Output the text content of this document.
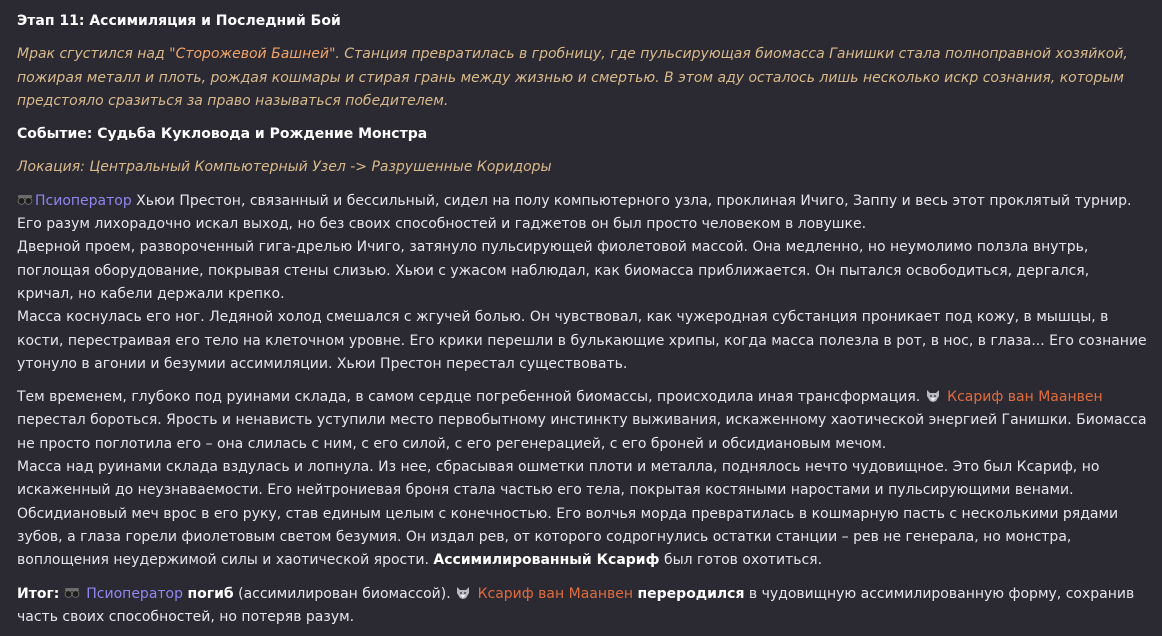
Этап 11: Ассимиляция и Последний Бой

Мрак сгустился над "Сторожевой Башней". Станция превратилась в гробницу, где пульсирующая биомасса Ганишки стала полноправной хозяйкой, пожирая металл и плоть, рождая кошмары и стирая грань между жизнью и смертью. В этом аду осталось лишь несколько искр сознания, которым предстояло сразиться за право называться победителем.

Событие: Судьба Кукловода и Рождение Монстра

Локация: Центральный Компьютерный Узел -> Разрушенные Коридоры

Псиоператор Хьюи Престон, связанный и бессильный, сидел на полу компьютерного узла, проклиная Ичиго, Заппу и весь этот проклятый турнир. Его разум лихорадочно искал выход, но без своих способностей и гаджетов он был просто человеком в ловушке.

Дверной проем, развороченный гига-дрелью Ичиго, затянуло пульсирующей фиолетовой массой. Она медленно, но неумолимо ползла внутрь, поглощая оборудование, покрывая стены слизью. Хьюи с ужасом наблюдал, как биомасса приближается. Он пытался освободиться, дергался, кричал, но кабели держали крепко.

Масса коснулась его ног. Ледяной холод смешался с жгучей болью. Он чувствовал, как чужеродная субстанция проникает под кожу, в мышцы, в кости, перестраивая его тело на клеточном уровне. Его крики перешли в булькающие хрипы, когда масса полезла в рот, в нос, в глаза... Его сознание утонуло в агонии и безумии ассимиляции. Хьюи Престон перестал существовать.

Тем временем, глубоко под руинами склада, в самом сердце погребенной биомассы, происходила иная трансформация.  Ксариф ван Маанвен перестал бороться. Ярость и ненависть уступили место первобытному инстинкту выживания, искаженному хаотической энергией Ганишки. Биомасса не просто поглотила его – она слилась с ним, с его силой, с его регенерацией, с его броней и обсидиановым мечом.

Масса над руинами склада вздулась и лопнула. Из нее, сбрасывая ошметки плоти и металла, поднялось нечто чудовищное. Это был Ксариф, но искаженный до неузнаваемости. Его нейтрониевая броня стала частью его тела, покрытая костяными наростами и пульсирующими венами. Обсидиановый меч врос в его руку, став единым целым с конечностью. Его волчья морда превратилась в кошмарную пасть с несколькими рядами зубов, а глаза горели фиолетовым светом безумия. Он издал рев, от которого содрогнулись остатки станции – рев не генерала, но монстра, воплощения неудержимой силы и хаотической ярости. Ассимилированный Ксариф был готов охотиться.

Итог: Псиоператор погиб (ассимилирован биомассой).  Ксариф ван Маанвен переродился в чудовищную ассимилированную форму, сохранив часть своих способностей, но потеряв разум.
